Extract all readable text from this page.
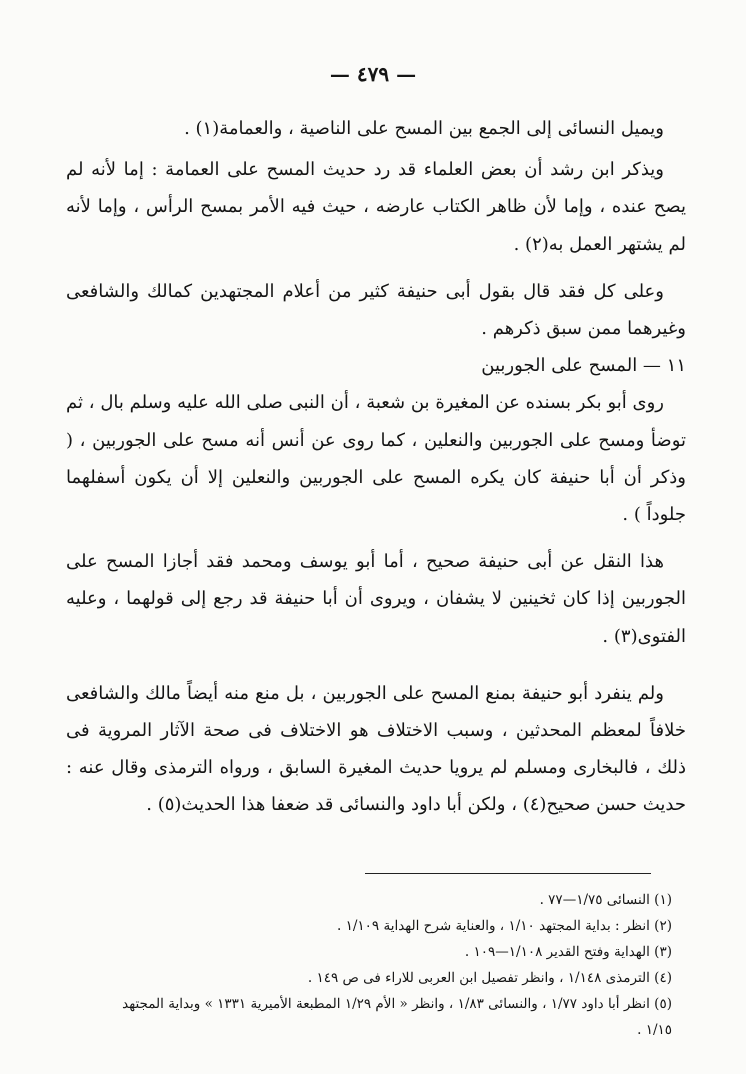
— ٤٧٩ —

ويميل النسائى إلى الجمع بين المسح على الناصية ، والعمامة(١) .

ويذكر ابن رشد أن بعض العلماء قد رد حديث المسح على العمامة : إما لأنه لم يصح عنده ، وإما لأن ظاهر الكتاب عارضه ، حيث فيه الأمر بمسح الرأس ، وإما لأنه لم يشتهر العمل به(٢) .

وعلى كل فقد قال بقول أبى حنيفة كثير من أعلام المجتهدين كمالك والشافعى وغيرهما ممن سبق ذكرهم .

١١ — المسح على الجوربين

روى أبو بكر بسنده عن المغيرة بن شعبة ، أن النبى صلى الله عليه وسلم بال ، ثم توضأ ومسح على الجوربين والنعلين ، كما روى عن أنس أنه مسح على الجوربين ، ( وذكر أن أبا حنيفة كان يكره المسح على الجوربين والنعلين إلا أن يكون أسفلهما جلوداً ) .

هذا النقل عن أبى حنيفة صحيح ، أما أبو يوسف ومحمد فقد أجازا المسح على الجوربين إذا كان ثخينين لا يشفان ، ويروى أن أبا حنيفة قد رجع إلى قولهما ، وعليه الفتوى(٣) .

ولم ينفرد أبو حنيفة بمنع المسح على الجوربين ، بل منع منه أيضاً مالك والشافعى خلافاً لمعظم المحدثين ، وسبب الاختلاف هو الاختلاف فى صحة الآثار المروية فى ذلك ، فالبخارى ومسلم لم يرويا حديث المغيرة السابق ، ورواه الترمذى وقال عنه : حديث حسن صحيح(٤) ، ولكن أبا داود والنسائى قد ضعفا هذا الحديث(٥) .

(١) النسائى ١/٧٥—٧٧ .

(٢) انظر : بداية المجتهد ١/١٠ ، والعناية شرح الهداية ١/١٠٩ .

(٣) الهداية وفتح القدير ١/١٠٨—١٠٩ .

(٤) الترمذى ١/١٤٨ ، وانظر تفصيل ابن العربى للاراء فى ص ١٤٩ .

(٥) انظر أبا داود ١/٧٧ ، والنسائى ١/٨٣ ، وانظر « الأم ١/٢٩ المطبعة الأميرية ١٣٣١ » وبداية المجتهد ١/١٥ .
